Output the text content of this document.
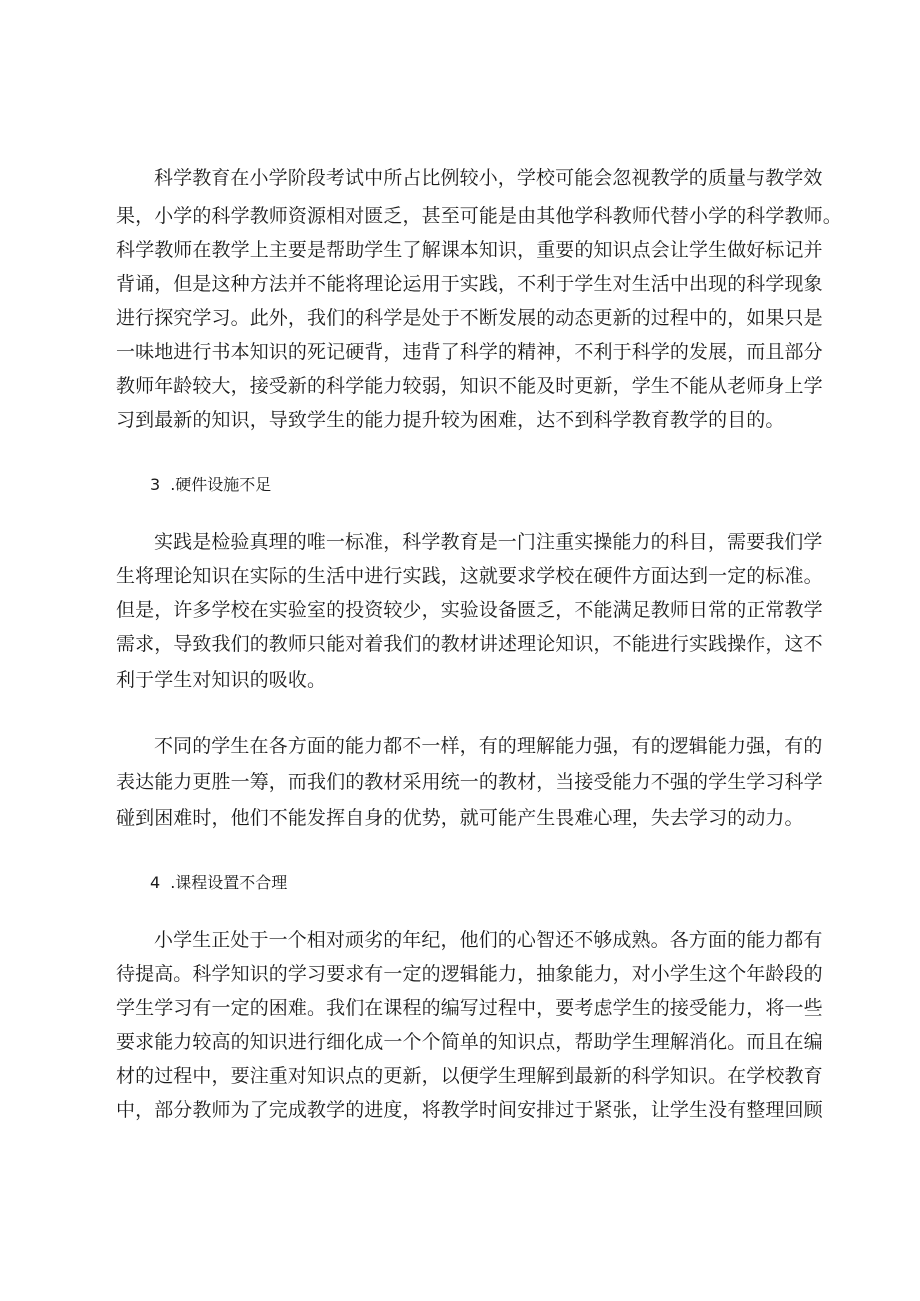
科学教育在小学阶段考试中所占比例较小，学校可能会忽视教学的质量与教学效
果，小学的科学教师资源相对匮乏，甚至可能是由其他学科教师代替小学的科学教师。
科学教师在教学上主要是帮助学生了解课本知识，重要的知识点会让学生做好标记并
背诵，但是这种方法并不能将理论运用于实践，不利于学生对生活中出现的科学现象
进行探究学习。此外，我们的科学是处于不断发展的动态更新的过程中的，如果只是
一味地进行书本知识的死记硬背，违背了科学的精神，不利于科学的发展，而且部分
教师年龄较大，接受新的科学能力较弱，知识不能及时更新，学生不能从老师身上学
习到最新的知识，导致学生的能力提升较为困难，达不到科学教育教学的目的。
3 .硬件设施不足
实践是检验真理的唯一标准，科学教育是一门注重实操能力的科目，需要我们学
生将理论知识在实际的生活中进行实践，这就要求学校在硬件方面达到一定的标准。
但是，许多学校在实验室的投资较少，实验设备匮乏，不能满足教师日常的正常教学
需求，导致我们的教师只能对着我们的教材讲述理论知识，不能进行实践操作，这不
利于学生对知识的吸收。
不同的学生在各方面的能力都不一样，有的理解能力强，有的逻辑能力强，有的
表达能力更胜一筹，而我们的教材采用统一的教材，当接受能力不强的学生学习科学
碰到困难时，他们不能发挥自身的优势，就可能产生畏难心理，失去学习的动力。
4 .课程设置不合理
小学生正处于一个相对顽劣的年纪，他们的心智还不够成熟。各方面的能力都有
待提高。科学知识的学习要求有一定的逻辑能力，抽象能力，对小学生这个年龄段的
学生学习有一定的困难。我们在课程的编写过程中，要考虑学生的接受能力，将一些
要求能力较高的知识进行细化成一个个简单的知识点，帮助学生理解消化。而且在编
材的过程中，要注重对知识点的更新，以便学生理解到最新的科学知识。在学校教育
中，部分教师为了完成教学的进度，将教学时间安排过于紧张，让学生没有整理回顾
